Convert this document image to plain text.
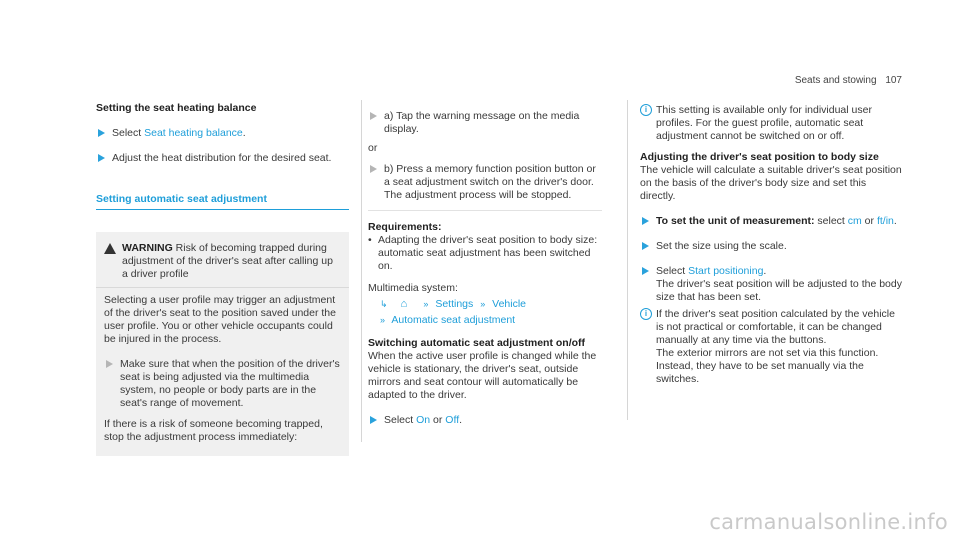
Seats and stowing 107

Setting the seat heating balance

Select Seat heating balance.
Adjust the heat distribution for the desired seat.
Setting automatic seat adjustment
WARNING Risk of becoming trapped during adjustment of the driver's seat after calling up a driver profile

Selecting a user profile may trigger an adjustment of the driver's seat to the position saved under the user profile. You or other vehicle occupants could be injured in the process.

Make sure that when the position of the driver's seat is being adjusted via the multimedia system, no people or body parts are in the seat's range of movement.

If there is a risk of someone becoming trapped, stop the adjustment process immediately:

a) Tap the warning message on the media display.

or

b) Press a memory function position button or a seat adjustment switch on the driver's door. The adjustment process will be stopped.

Requirements:

• Adapting the driver's seat position to body size: automatic seat adjustment has been switched on.

Multimedia system:

↳ ⌂ » Settings » Vehicle
» Automatic seat adjustment

Switching automatic seat adjustment on/off

When the active user profile is changed while the vehicle is stationary, the driver's seat, outside mirrors and seat contour will automatically be adapted to the driver.

Select On or Off.
i This setting is available only for individual user profiles. For the guest profile, automatic seat adjustment cannot be switched on or off.

Adjusting the driver's seat position to body size

The vehicle will calculate a suitable driver's seat position on the basis of the driver's body size and set this directly.

To set the unit of measurement: select cm or ft/in.
Set the size using the scale.
Select Start positioning.

The driver's seat position will be adjusted to the body size that has been set.

i If the driver's seat position calculated by the vehicle is not practical or comfortable, it can be changed manually at any time via the buttons.

The exterior mirrors are not set via this function. Instead, they have to be set manually via the switches.

carmanualsonline.info
